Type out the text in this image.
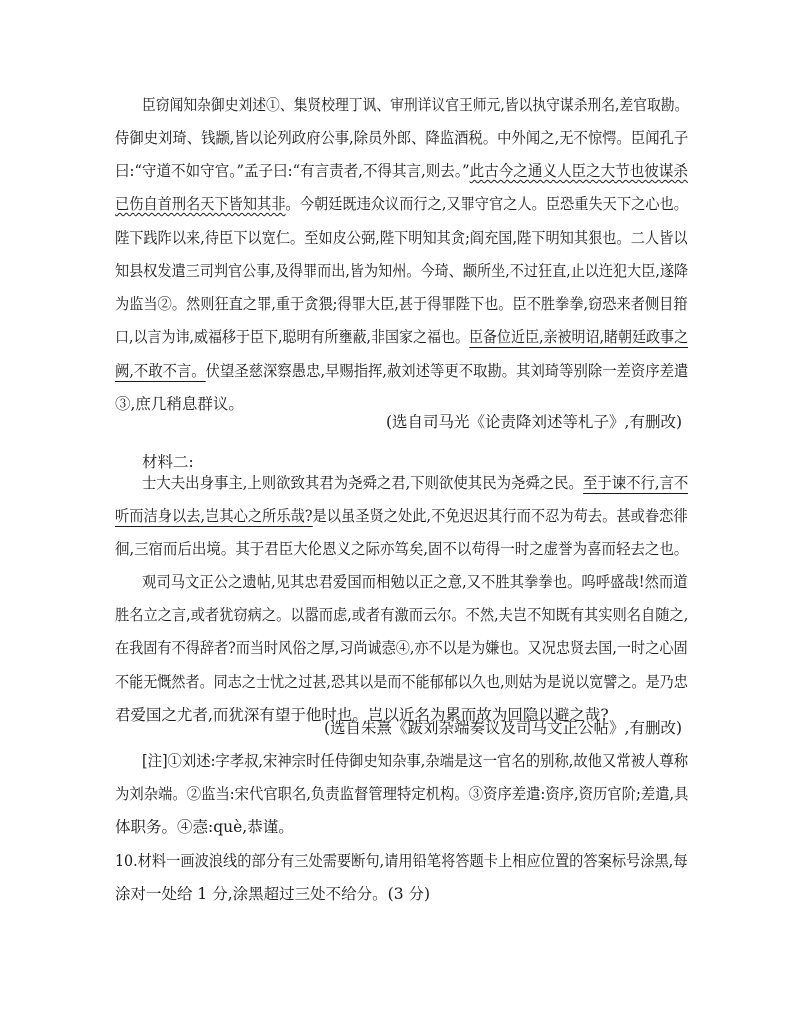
臣窃闻知杂御史刘述①、集贤校理丁讽、审刑详议官王师元,皆以执守谋杀刑名,差官取勘。
侍御史刘琦、钱颛,皆以论列政府公事,除员外郎、降监酒税。中外闻之,无不惊愕。臣闻孔子
曰:“守道不如守官。”孟子曰:“有言责者,不得其言,则去。”此古今之通义人臣之大节也彼谋杀
已伤自首刑名天下皆知其非。今朝廷既违众议而行之,又罪守官之人。臣恐重失天下之心也。
陛下践阼以来,待臣下以宽仁。至如皮公弼,陛下明知其贪;阎充国,陛下明知其狠也。二人皆以
知县权发遣三司判官公事,及得罪而出,皆为知州。今琦、颛所坐,不过狂直,止以迕犯大臣,遂降
为监当②。然则狂直之罪,重于贪猥;得罪大臣,甚于得罪陛下也。臣不胜拳拳,窃恐来者侧目箝
口,以言为讳,威福移于臣下,聪明有所壅蔽,非国家之福也。臣备位近臣,亲被明诏,睹朝廷政事之
阙,不敢不言。伏望圣慈深察愚忠,早赐指挥,赦刘述等更不取勘。其刘琦等别除一差资序差遣
③,庶几稍息群议。
(选自司马光《论责降刘述等札子》,有删改)
材料二:
士大夫出身事主,上则欲致其君为尧舜之君,下则欲使其民为尧舜之民。至于谏不行,言不
听而洁身以去,岂其心之所乐哉?是以虽圣贤之处此,不免迟迟其行而不忍为苟去。甚或眷恋徘
徊,三宿而后出境。其于君臣大伦恩义之际亦笃矣,固不以苟得一时之虚誉为喜而轻去之也。
观司马文正公之遗帖,见其忠君爱国而相勉以正之意,又不胜其拳拳也。呜呼盛哉!然而道
胜名立之言,或者犹窃病之。以嚣而虑,或者有激而云尔。不然,夫岂不知既有其实则名自随之,
在我固有不得辞者?而当时风俗之厚,习尚诚悫④,亦不以是为嫌也。又况忠贤去国,一时之心固
不能无慨然者。同志之士忧之过甚,恐其以是而不能郁郁以久也,则姑为是说以宽譬之。是乃忠
君爱国之尤者,而犹深有望于他时也。岂以近名为累而故为回隐以避之哉?
(选自朱熹《跋刘杂端奏议及司马文正公帖》,有删改)
[注]①刘述:字孝叔,宋神宗时任侍御史知杂事,杂端是这一官名的别称,故他又常被人尊称
为刘杂端。②监当:宋代官职名,负责监督管理特定机构。③资序差遣:资序,资历官阶;差遣,具
体职务。④悫:què,恭谨。
10.材料一画波浪线的部分有三处需要断句,请用铅笔将答题卡上相应位置的答案标号涂黑,每
涂对一处给 1 分,涂黑超过三处不给分。(3 分)
